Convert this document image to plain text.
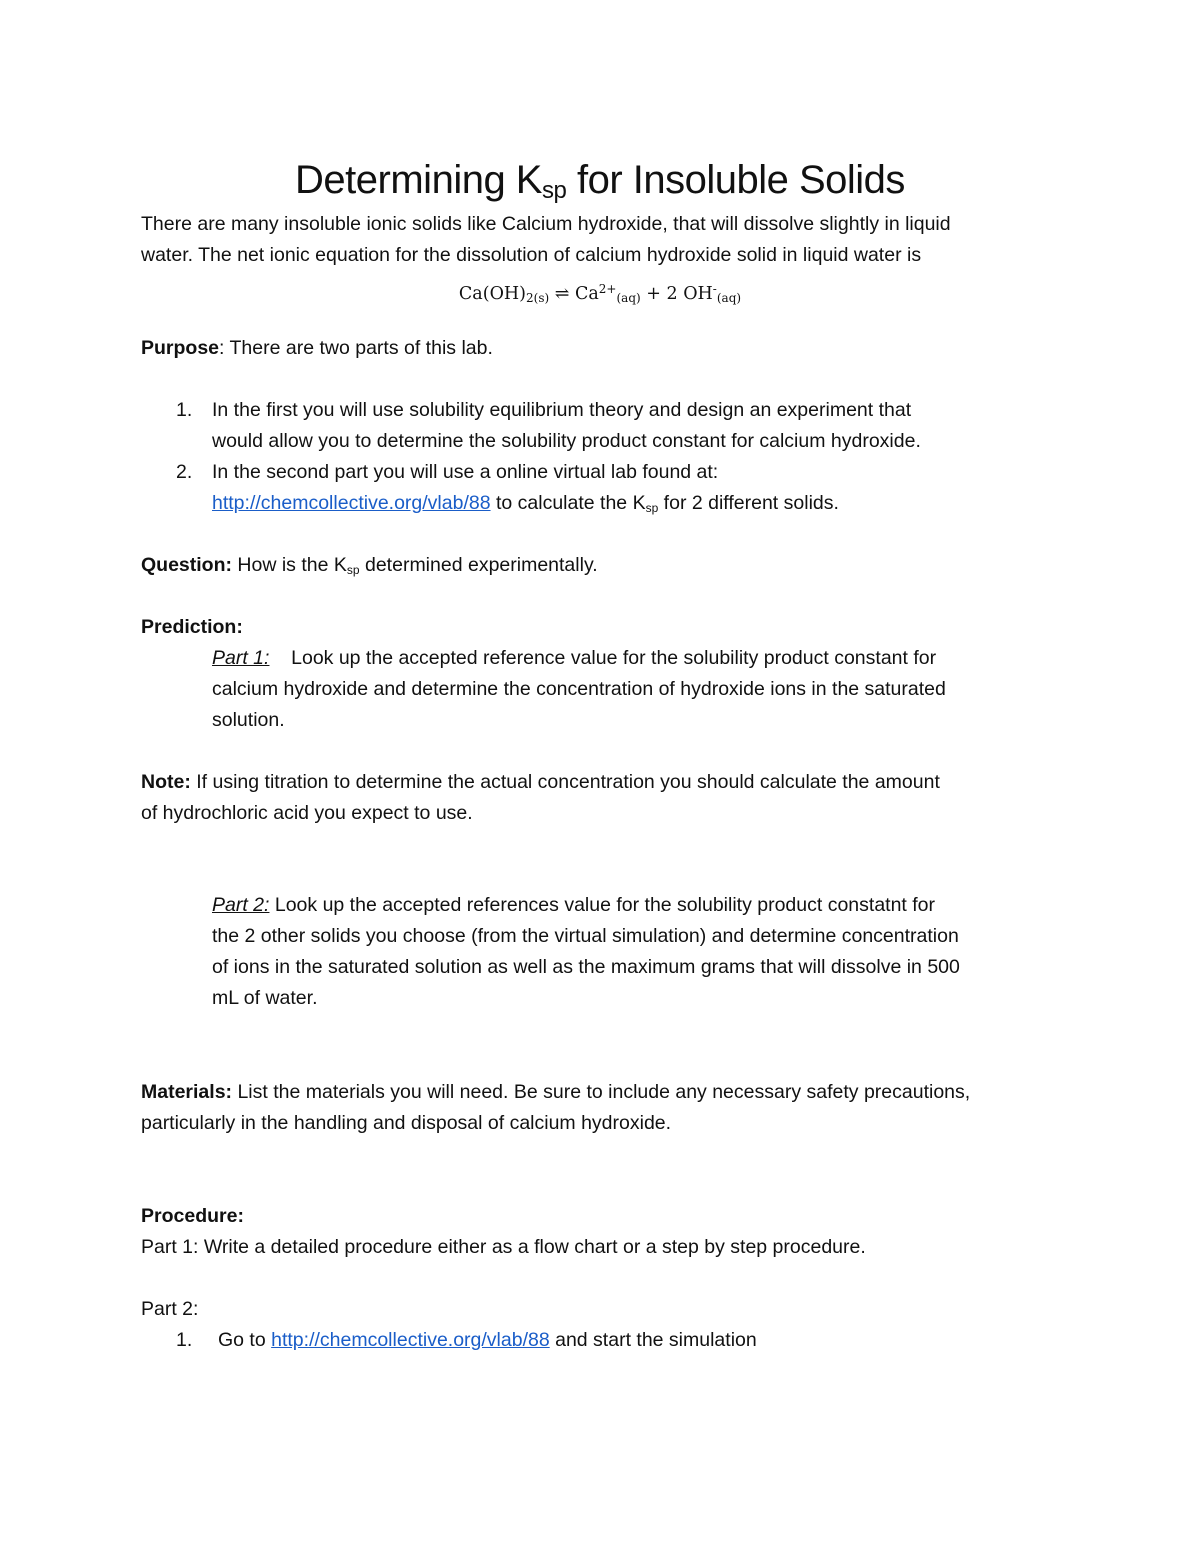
Determining $K_{sp}$ for Insoluble Solids
There are many insoluble ionic solids like Calcium hydroxide, that will dissolve slightly in liquid
water. The net ionic equation for the dissolution of calcium hydroxide solid in liquid water is
$Ca(OH)_{2(s)}$ ⇌ $Ca^{2+}_{(aq)} + 2$ $OH^-_{(aq)}$
Purpose: There are two parts of this lab.
1. In the first you will use solubility equilibrium theory and design an experiment that
would allow you to determine the solubility product constant for calcium hydroxide.
2. In the second part you will use a online virtual lab found at:
http://chemcollective.org/vlab/88 to calculate the Ksp for 2 different solids.
Question: How is the Ksp determined experimentally.
Prediction:
Part 1:    Look up the accepted reference value for the solubility product constant for
calcium hydroxide and determine the concentration of hydroxide ions in the saturated
solution.
Note: If using titration to determine the actual concentration you should calculate the amount
of hydrochloric acid you expect to use.
Part 2: Look up the accepted references value for the solubility product constatnt for
the 2 other solids you choose (from the virtual simulation) and determine concentration
of ions in the saturated solution as well as the maximum grams that will dissolve in 500
mL of water.
Materials: List the materials you will need. Be sure to include any necessary safety precautions,
particularly in the handling and disposal of calcium hydroxide.
Procedure:
Part 1: Write a detailed procedure either as a flow chart or a step by step procedure.
Part 2:
1. Go to http://chemcollective.org/vlab/88 and start the simulation
